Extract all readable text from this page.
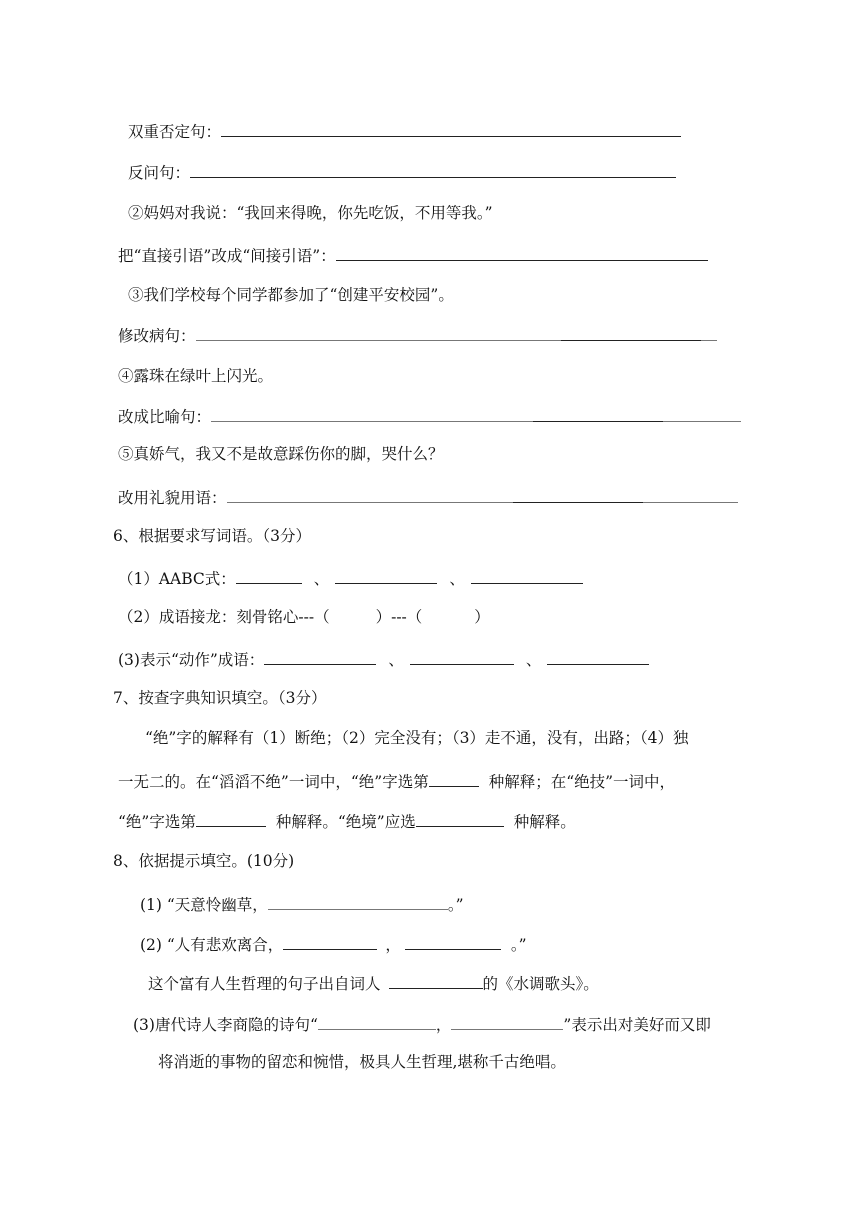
双重否定句：
反问句：
②妈妈对我说：“我回来得晚，你先吃饭，不用等我。”
把“直接引语”改成“间接引语”：
③我们学校每个同学都参加了“创建平安校园”。
修改病句：
④露珠在绿叶上闪光。
改成比喻句：
⑤真娇气，我又不是故意踩伤你的脚，哭什么？
改用礼貌用语：
6、根据要求写词语。（3分）
（1）AABC式：	、	、
（2）成语接龙：刻骨铭心---（	）---（	）
(3)表示“动作”成语：	、	、
7、按查字典知识填空。（3分）
“绝”字的解释有（1）断绝；（2）完全没有；（3）走不通，没有，出路；（4）独
一无二的。在“滔滔不绝”一词中，“绝”字选第	种解释；在“绝技”一词中，
“绝”字选第	种解释。“绝境”应选	种解释。
8、依据提示填空。(10分)
(1) “天意怜幽草，	。”
(2) “人有悲欢离合，	，	。”
这个富有人生哲理的句子出自词人	的《水调歌头》。
(3)唐代诗人李商隐的诗句“	，	”表示出对美好而又即
将消逝的事物的留恋和惋惜，极具人生哲理,堪称千古绝唱。
